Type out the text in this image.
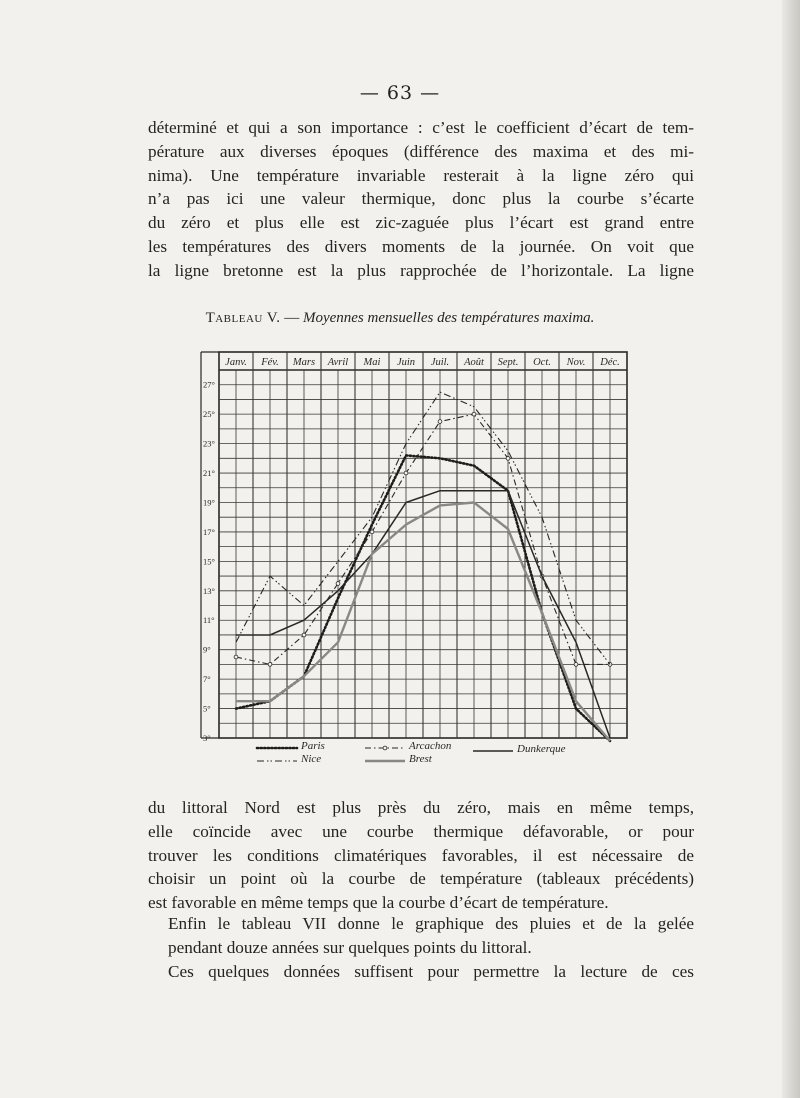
— 63 —
déterminé et qui a son importance : c’est le coefficient d’écart de tem-
pérature aux diverses époques (différence des maxima et des mi-
nima). Une température invariable resterait à la ligne zéro qui
n’a pas ici une valeur thermique, donc plus la courbe s’écarte
du zéro et plus elle est zic-zaguée plus l’écart est grand entre
les températures des divers moments de la journée. On voit que
la ligne bretonne est la plus rapprochée de l’horizontale. La ligne
Tableau V. — Moyennes mensuelles des températures maxima.
Janv. Fév. Mars Avril Mai Juin Juil. Août Sept. Oct. Nov. Déc.
27°
25°
23°
21°
19°
17°
15°
13°
11°
9°
7°
5°
3°
Paris	Arcachon	Dunkerque
Nice	Brest
du littoral Nord est plus près du zéro, mais en même temps,
elle coïncide avec une courbe thermique défavorable, or pour
trouver les conditions climatériques favorables, il est nécessaire de
choisir un point où la courbe de température (tableaux précédents)
est favorable en même temps que la courbe d’écart de température.
Enfin le tableau VII donne le graphique des pluies et de la gelée
pendant douze années sur quelques points du littoral.
Ces quelques données suffisent pour permettre la lecture de ces
